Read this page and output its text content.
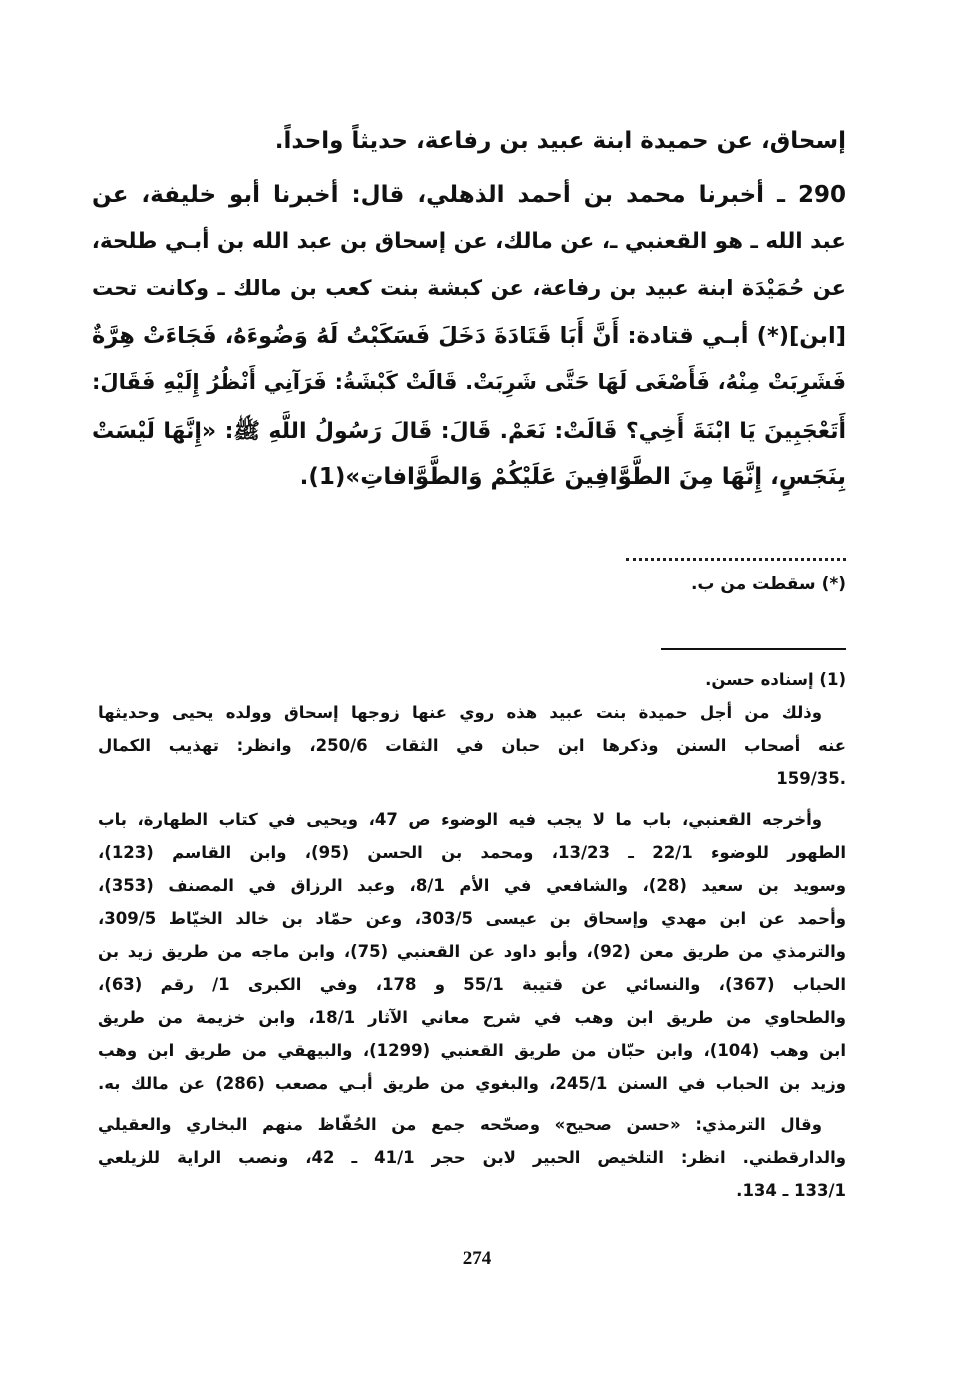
إسحاق، عن حميدة ابنة عبيد بن رفاعة، حديثاً واحداً.
290 ـ أخبرنا محمد بن أحمد الذهلي، قال: أخبرنا أبو خليفة، عن
عبد الله ـ هو القعنبي ـ، عن مالك، عن إسحاق بن عبد الله بن أبـي طلحة،
عن حُمَيْدَة ابنة عبيد بن رفاعة، عن كبشة بنت كعب بن مالك ـ وكانت تحت
[ابن](*) أبـي قتادة: أَنَّ أَبَا قَتَادَةَ دَخَلَ فَسَكَبْتُ لَهُ وَضُوءَهُ، فَجَاءَتْ هِرَّةٌ
فَشَرِبَتْ مِنْهُ، فَأَصْغَى لَهَا حَتَّى شَرِبَتْ. قَالَتْ كَبْشَةُ: فَرَآنِي أَنْظُرُ إِلَيْهِ فَقَالَ:
أَتَعْجَبِينَ يَا ابْنَةَ أَخِي؟ قَالَتْ: نَعَمْ. قَالَ: قَالَ رَسُولُ اللَّهِ ﷺ: «إِنَّهَا لَيْسَتْ
بِنَجَسٍ، إِنَّهَا مِنَ الطَّوَّافِينَ عَلَيْكُمْ وَالطَّوَّافاتِ»(1).
(*) سقطت من ب.
(1) إسناده حسن.
وذلك من أجل حميدة بنت عبيد هذه روي عنها زوجها إسحاق وولده يحيى وحديثها
عنه أصحاب السنن وذكرها ابن حبان في الثقات 250/6، وانظر: تهذيب الكمال
159/35.
وأخرجه القعنبي، باب ما لا يجب فيه الوضوء ص 47، ويحيى في كتاب الطهارة، باب
الطهور للوضوء 22/1 ـ 13/23، ومحمد بن الحسن (95)، وابن القاسم (123)،
وسويد بن سعيد (28)، والشافعي في الأم 8/1، وعبد الرزاق في المصنف (353)،
وأحمد عن ابن مهدي وإسحاق بن عيسى 303/5، وعن حمّاد بن خالد الخيّاط 309/5،
والترمذي من طريق معن (92)، وأبو داود عن القعنبي (75)، وابن ماجه من طريق زيد بن
الحباب (367)، والنسائي عن قتيبة 55/1 و 178، وفي الكبرى 1/ رقم (63)،
والطحاوي من طريق ابن وهب في شرح معاني الآثار 18/1، وابن خزيمة من طريق
ابن وهب (104)، وابن حبّان من طريق القعنبي (1299)، والبيهقي من طريق ابن وهب
وزيد بن الحباب في السنن 245/1، والبغوي من طريق أبـي مصعب (286) عن مالك به.
وقال الترمذي: «حسن صحيح» وصحّحه جمع من الحُفّاظ منهم البخاري والعقيلي
والدارقطني. انظر: التلخيص الحبير لابن حجر 41/1 ـ 42، ونصب الراية للزيلعي
133/1 ـ 134.
274
